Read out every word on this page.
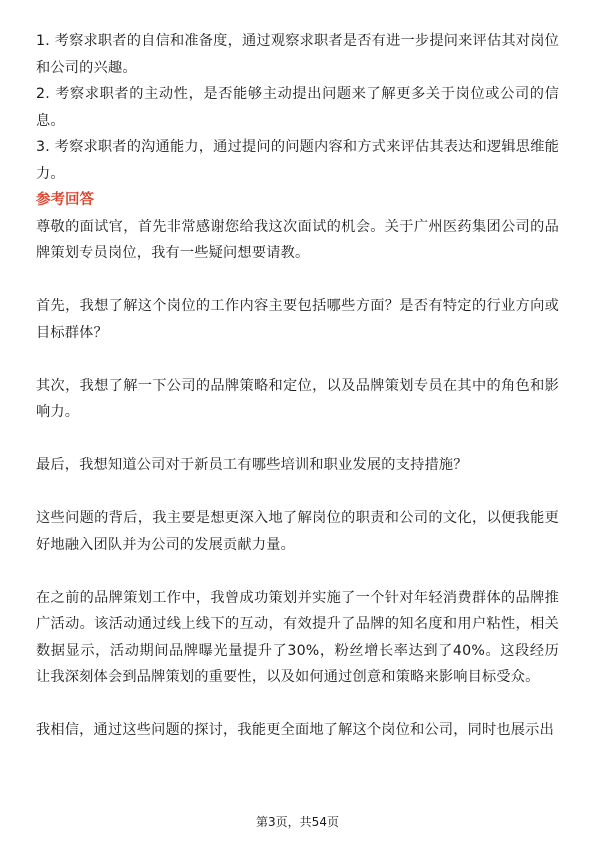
1. 考察求职者的自信和准备度，通过观察求职者是否有进一步提问来评估其对岗位和公司的兴趣。

2. 考察求职者的主动性，是否能够主动提出问题来了解更多关于岗位或公司的信息。

3. 考察求职者的沟通能力，通过提问的问题内容和方式来评估其表达和逻辑思维能力。

参考回答

尊敬的面试官，首先非常感谢您给我这次面试的机会。关于广州医药集团公司的品牌策划专员岗位，我有一些疑问想要请教。

首先，我想了解这个岗位的工作内容主要包括哪些方面？是否有特定的行业方向或目标群体？

其次，我想了解一下公司的品牌策略和定位，以及品牌策划专员在其中的角色和影响力。

最后，我想知道公司对于新员工有哪些培训和职业发展的支持措施？

这些问题的背后，我主要是想更深入地了解岗位的职责和公司的文化，以便我能更好地融入团队并为公司的发展贡献力量。

在之前的品牌策划工作中，我曾成功策划并实施了一个针对年轻消费群体的品牌推广活动。该活动通过线上线下的互动，有效提升了品牌的知名度和用户粘性，相关数据显示，活动期间品牌曝光量提升了30%，粉丝增长率达到了40%。这段经历让我深刻体会到品牌策划的重要性，以及如何通过创意和策略来影响目标受众。

我相信，通过这些问题的探讨，我能更全面地了解这个岗位和公司，同时也展示出

第3页，共54页
